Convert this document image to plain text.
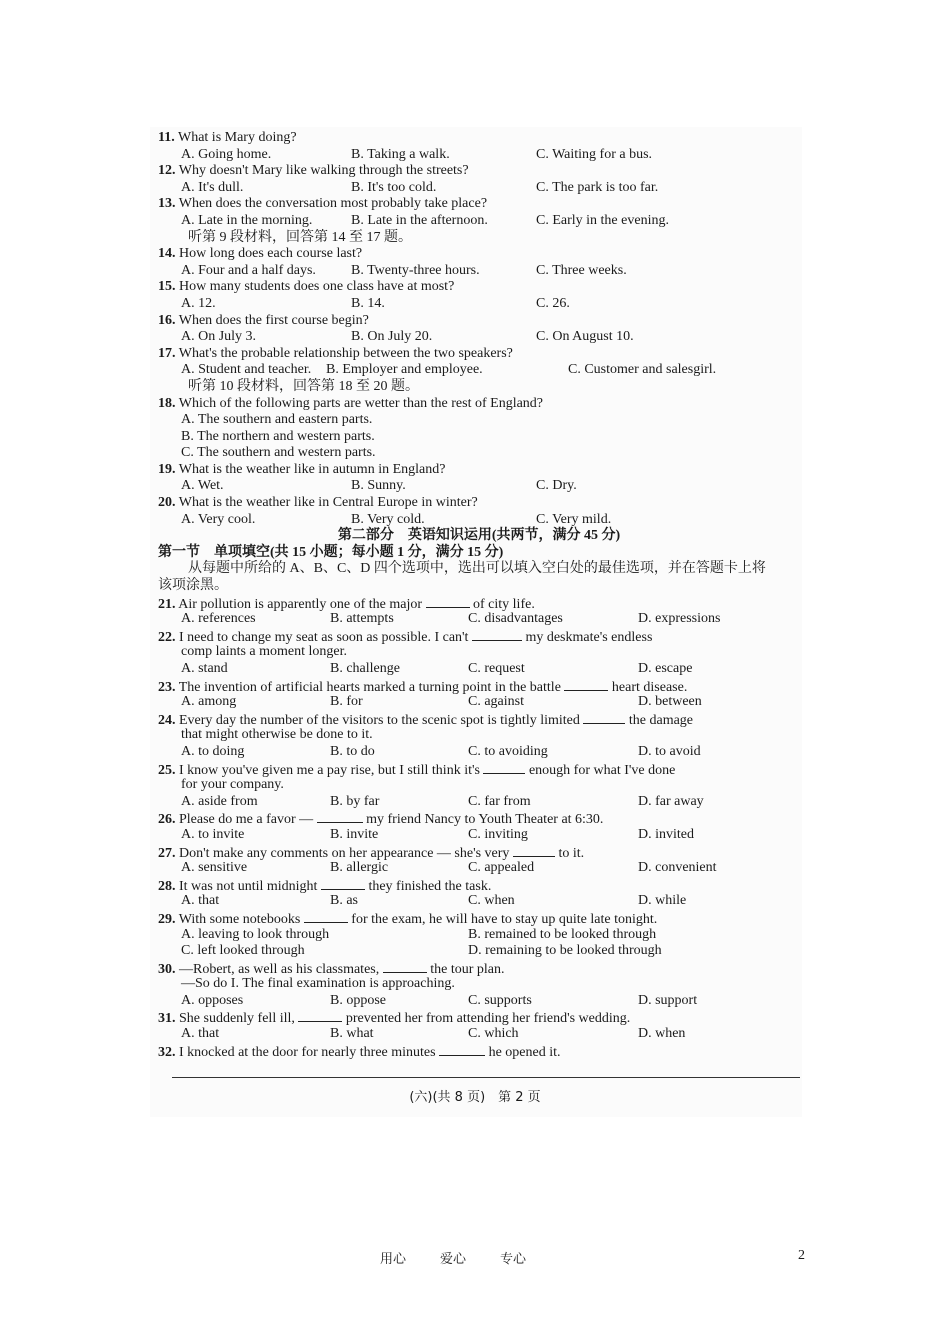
11. What is Mary doing?
A. Going home.	B. Taking a walk.	C. Waiting for a bus.
12. Why doesn't Mary like walking through the streets?
A. It's dull.	B. It's too cold.	C. The park is too far.
13. When does the conversation most probably take place?
A. Late in the morning.	B. Late in the afternoon.	C. Early in the evening.
听第 9 段材料，回答第 14 至 17 题。
14. How long does each course last?
A. Four and a half days.	B. Twenty-three hours.	C. Three weeks.
15. How many students does one class have at most?
A. 12.	B. 14.	C. 26.
16. When does the first course begin?
A. On July 3.	B. On July 20.	C. On August 10.
17. What's the probable relationship between the two speakers?
A. Student and teacher. B. Employer and employee.	C. Customer and salesgirl.
听第 10 段材料，回答第 18 至 20 题。
18. Which of the following parts are wetter than the rest of England?
A. The southern and eastern parts.
B. The northern and western parts.
C. The southern and western parts.
19. What is the weather like in autumn in England?
A. Wet.	B. Sunny.	C. Dry.
20. What is the weather like in Central Europe in winter?
A. Very cool.	B. Very cold.	C. Very mild.
第二部分　英语知识运用(共两节，满分 45 分)
第一节　单项填空(共 15 小题；每小题 1 分，满分 15 分)
从每题中所给的 A、B、C、D 四个选项中，选出可以填入空白处的最佳选项，并在答题卡上将
该项涂黑。
21. Air pollution is apparently one of the major	of city life.
A. references	B. attempts	C. disadvantages	D. expressions
22. I need to change my seat as soon as possible. I can't	my deskmate's endless
comp laints a moment longer.
A. stand	B. challenge	C. request	D. escape
23. The invention of artificial hearts marked a turning point in the battle	heart disease.
A. among	B. for	C. against	D. between
24. Every day the number of the visitors to the scenic spot is tightly limited	the damage
that might otherwise be done to it.
A. to doing	B. to do	C. to avoiding	D. to avoid
25. I know you've given me a pay rise, but I still think it's	enough for what I've done
for your company.
A. aside from	B. by far	C. far from	D. far away
26. Please do me a favor —	my friend Nancy to Youth Theater at 6:30.
A. to invite	B. invite	C. inviting	D. invited
27. Don't make any comments on her appearance — she's very	to it.
A. sensitive	B. allergic	C. appealed	D. convenient
28. It was not until midnight	they finished the task.
A. that	B. as	C. when	D. while
29. With some notebooks	for the exam, he will have to stay up quite late tonight.
A. leaving to look through	B. remained to be looked through
C. left looked through	D. remaining to be looked through
30. —Robert, as well as his classmates,	the tour plan.
—So do I. The final examination is approaching.
A. opposes	B. oppose	C. supports	D. support
31. She suddenly fell ill,	prevented her from attending her friend's wedding.
A. that	B. what	C. which	D. when
32. I knocked at the door for nearly three minutes	he opened it.
(六)(共 8 页)　第 2 页
用心	爱心	专心	2
